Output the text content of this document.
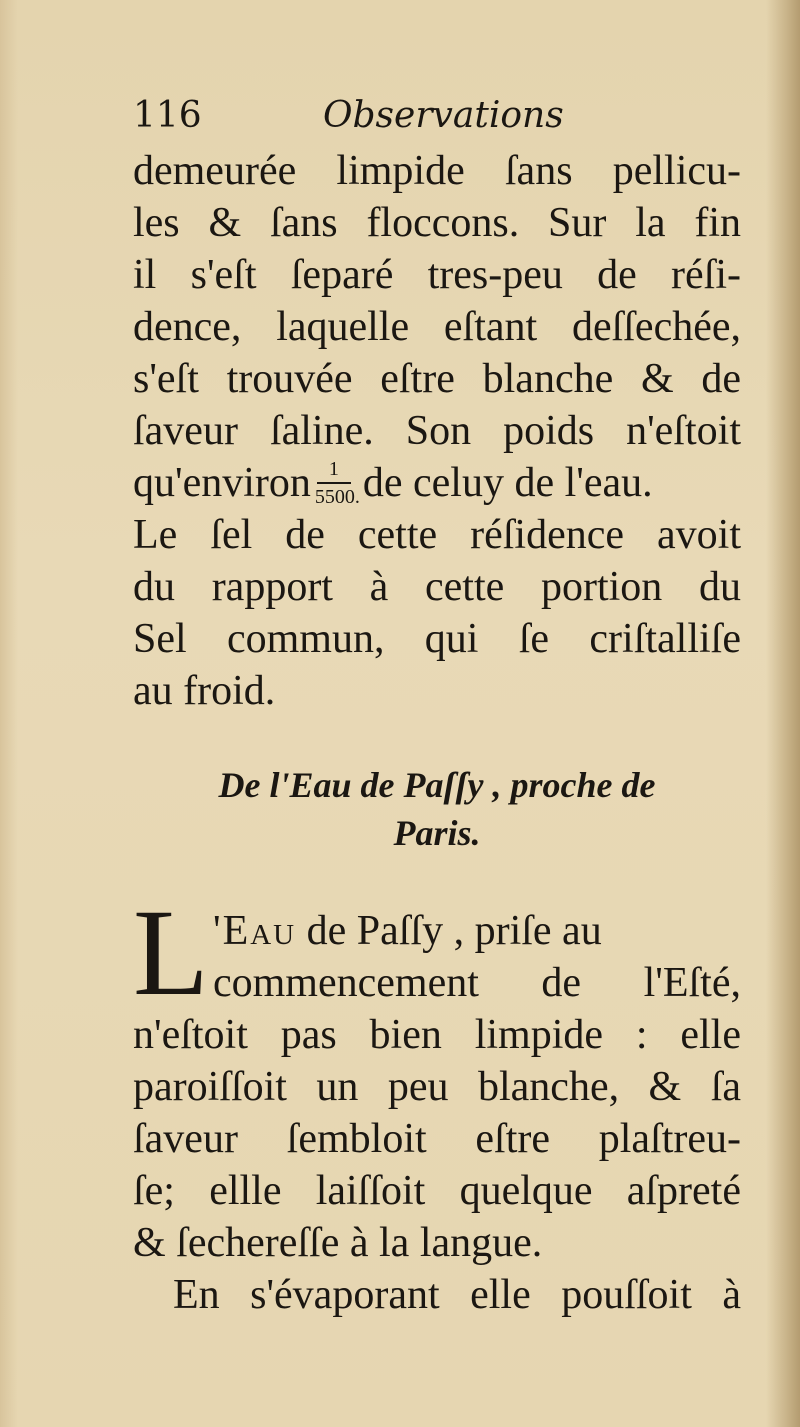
116	Observations
demeurée limpide ſans pellicu-
les & ſans floccons. Sur la fin
il s'eſt ſeparé tres-peu de réſi-
dence, laquelle eſtant deſſechée,
s'eſt trouvée eſtre blanche & de
ſaveur ſaline. Son poids n'eſtoit
qu'environ $\frac{1}{5500.}$ de celuy de l'eau.
Le ſel de cette réſidence avoit
du rapport à cette portion du
Sel commun, qui ſe criſtalliſe
au froid.
De l'Eau de Paſſy , proche de
Paris.
L 'Eau de Paſſy , priſe au
commencement de l'Eſté,
n'eſtoit pas bien limpide : elle
paroiſſoit un peu blanche, & ſa
ſaveur ſembloit eſtre plaſtreu-
ſe; ellle laiſſoit quelque aſpreté
& ſechereſſe à la langue.
En s'évaporant elle pouſſoit à
